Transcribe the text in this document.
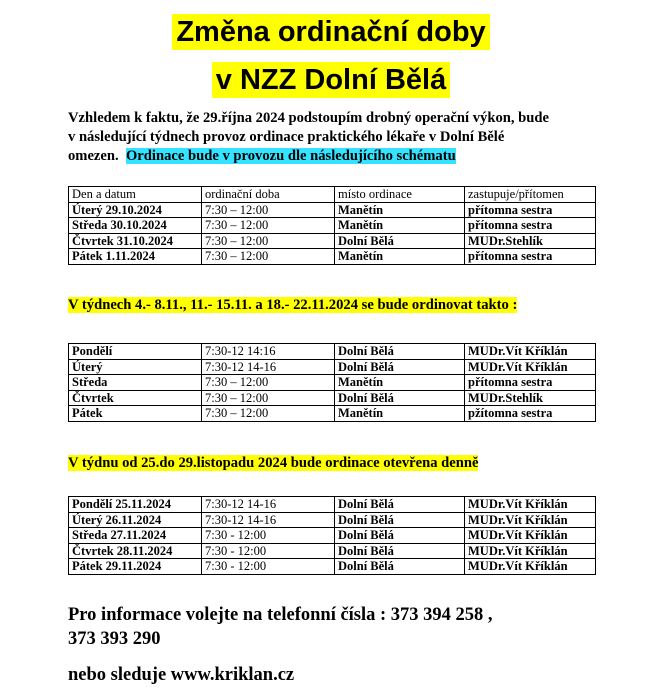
Změna ordinační doby
v NZZ Dolní Bělá
Vzhledem k faktu, že 29.října 2024 podstoupím drobný operační výkon, bude
v následující týdnech provoz ordinace praktického lékaře v Dolní Bělé
omezen. Ordinace bude v provozu dle následujícího schématu
Den a datum	ordinační doba	místo ordinace	zastupuje/přítomen
Úterý 29.10.2024	7:30 – 12:00	Manětín	přítomna sestra
Středa 30.10.2024	7:30 – 12:00	Manětín	přítomna sestra
Čtvrtek 31.10.2024	7:30 – 12:00	Dolní Bělá	MUDr.Stehlík
Pátek 1.11.2024	7:30 – 12:00	Manětín	přítomna sestra
V týdnech 4.- 8.11., 11.- 15.11. a 18.- 22.11.2024 se bude ordinovat takto :
Pondělí	7:30-12 14:16	Dolní Bělá	MUDr.Vít Kříklán
Úterý	7:30-12 14-16	Dolní Bělá	MUDr.Vít Kříklán
Středa	7:30 – 12:00	Manětín	přítomna sestra
Čtvrtek	7:30 – 12:00	Dolní Bělá	MUDr.Stehlík
Pátek	7:30 – 12:00	Manětín	pžítomna sestra
V týdnu od 25.do 29.listopadu 2024 bude ordinace otevřena denně
Pondělí 25.11.2024	7:30-12 14-16	Dolní Bělá	MUDr.Vít Kříklán
Úterý 26.11.2024	7:30-12 14-16	Dolní Bělá	MUDr.Vít Kříklán
Středa 27.11.2024	7:30 - 12:00	Dolní Bělá	MUDr.Vít Kříklán
Čtvrtek 28.11.2024	7:30 - 12:00	Dolní Bělá	MUDr.Vít Kříklán
Pátek 29.11.2024	7:30 - 12:00	Dolní Bělá	MUDr.Vít Kříklán
Pro informace volejte na telefonní čísla : 373 394 258 ,
373 393 290
nebo sleduje www.kriklan.cz
